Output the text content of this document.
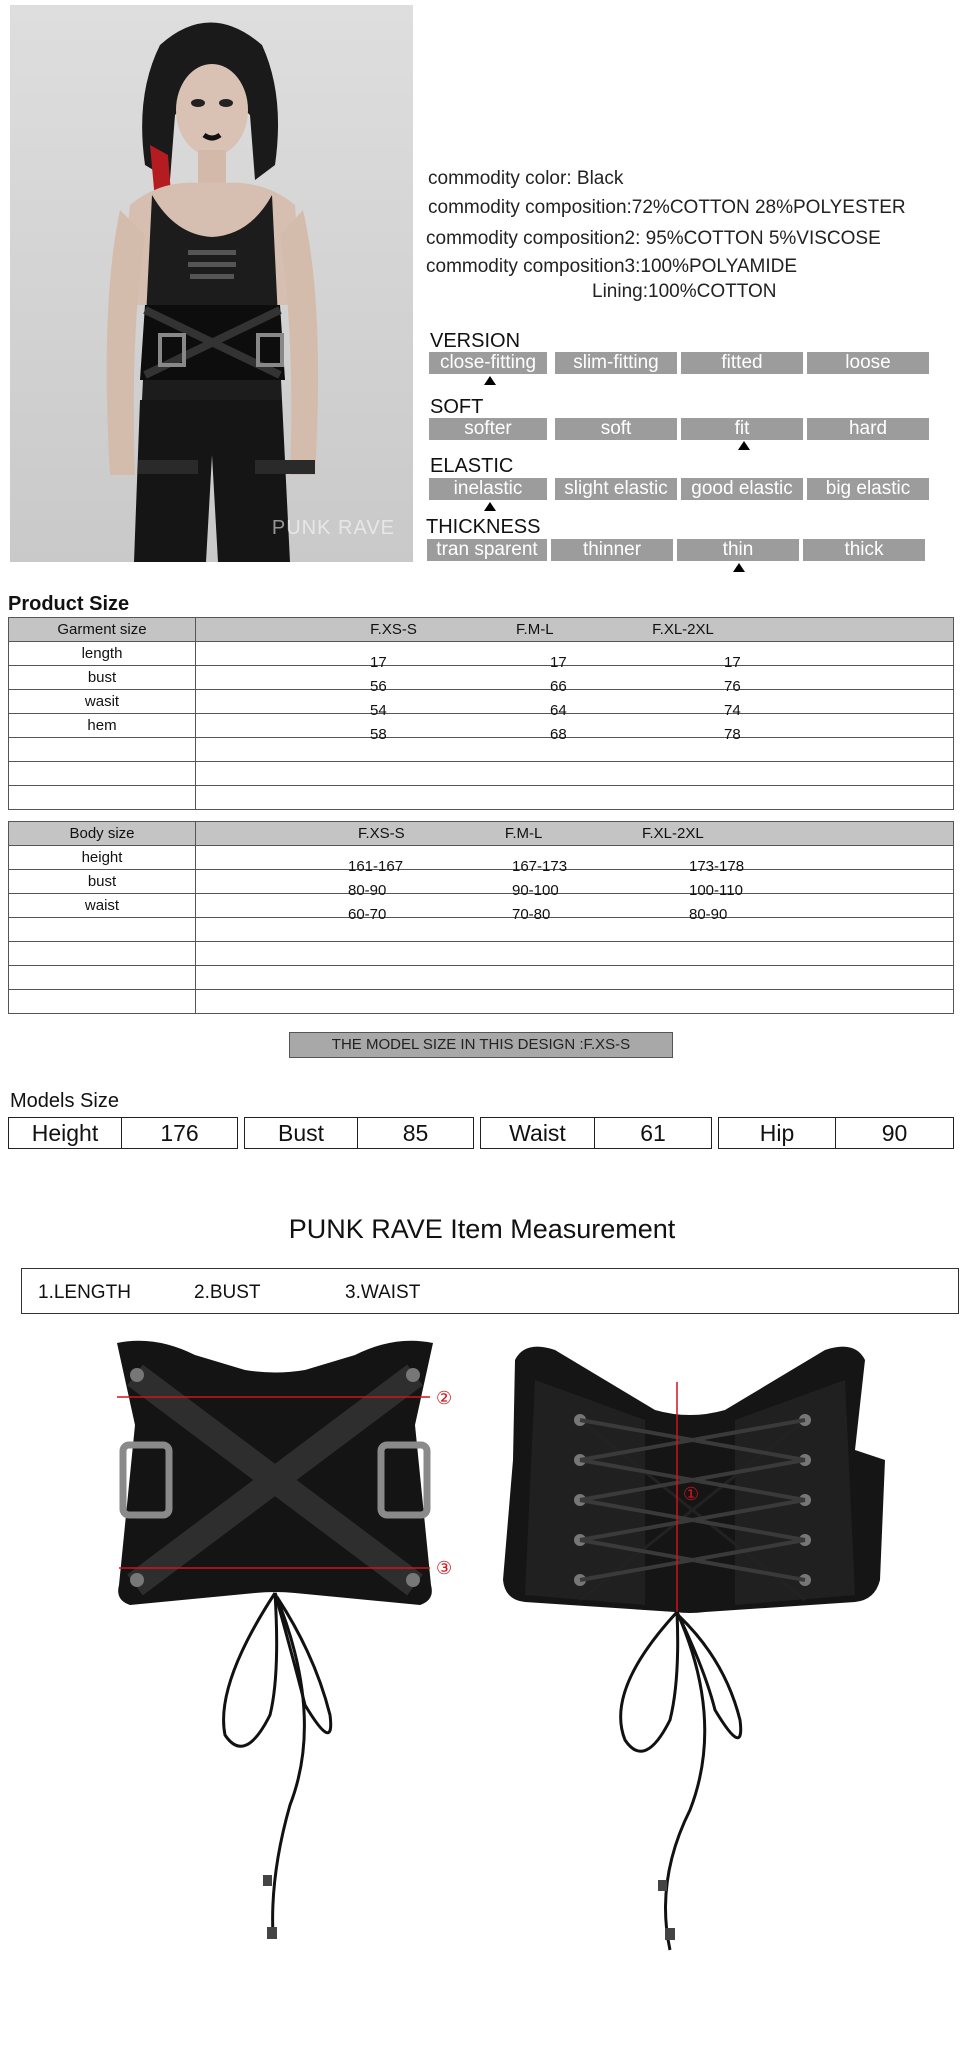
PUNK RAVE
commodity color: Black
commodity composition:72%COTTON 28%POLYESTER
commodity composition2: 95%COTTON 5%VISCOSE
commodity composition3:100%POLYAMIDE
Lining:100%COTTON
VERSION
close-fitting	slim-fitting	fitted	loose
SOFT
softer	soft	fit	hard
ELASTIC
inelastic	slight elastic	good elastic	big elastic
THICKNESS
tran sparent	thinner	thin	thick
Product Size
Garment size	F.XS-S F.M-L F.XL-2XL
length	17 17 17

bust	56 66 76

wasit	54 64 74

hem	58 68 78

Body size	F.XS-S F.M-L F.XL-2XL
height	161-167 167-173 173-178

bust	80-90 90-100 100-110

waist	60-70 70-80 80-90

THE MODEL SIZE IN THIS DESIGN :F.XS-S
Models Size
Height	176	Bust	85	Waist	61	Hip	90
PUNK RAVE Item Measurement
1.LENGTH	2.BUST	3.WAIST
②
③
①
